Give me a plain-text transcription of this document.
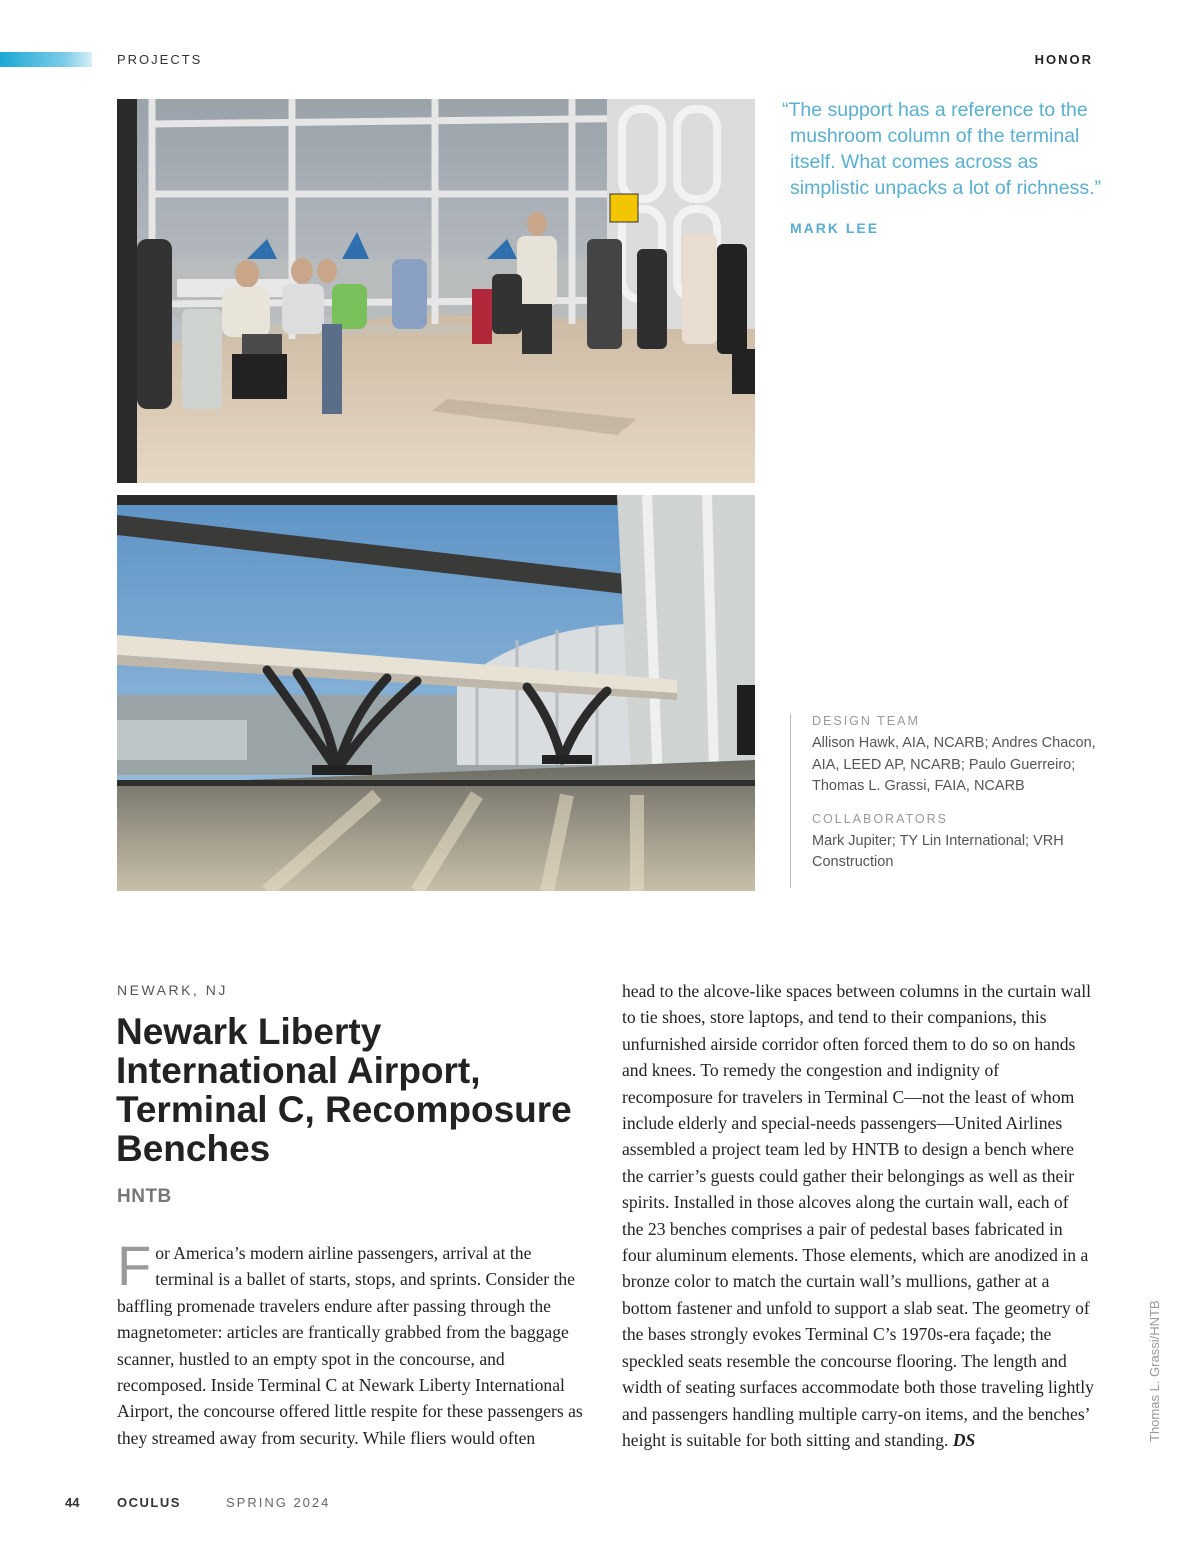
PROJECTS	HONOR

“The support has a reference to the mushroom column of the terminal itself. What comes across as simplistic unpacks a lot of richness.”

MARK LEE
DESIGN TEAM

Allison Hawk, AIA, NCARB; Andres Chacon, AIA, LEED AP, NCARB; Paulo Guerreiro; Thomas L. Grassi, FAIA, NCARB

COLLABORATORS

Mark Jupiter; TY Lin International; VRH Construction

NEWARK, NJ
Newark Liberty International Airport, Terminal C, Recomposure Benches
HNTB

For America’s modern airline passengers, arrival at the terminal is a ballet of starts, stops, and sprints. Consider the baffling promenade travelers endure after passing through the magnetometer: articles are frantically grabbed from the baggage scanner, hustled to an empty spot in the concourse, and recomposed. Inside Terminal C at Newark Liberty International Airport, the concourse offered little respite for these passengers as they streamed away from security. While fliers would often

head to the alcove-like spaces between columns in the curtain wall to tie shoes, store laptops, and tend to their companions, this unfurnished airside corridor often forced them to do so on hands and knees. To remedy the congestion and indignity of recomposure for travelers in Terminal C—not the least of whom include elderly and special-needs passengers—United Airlines assembled a project team led by HNTB to design a bench where the carrier’s guests could gather their belongings as well as their spirits. Installed in those alcoves along the curtain wall, each of the 23 benches comprises a pair of pedestal bases fabricated in four aluminum elements. Those elements, which are anodized in a bronze color to match the curtain wall’s mullions, gather at a bottom fastener and unfold to support a slab seat. The geometry of the bases strongly evokes Terminal C’s 1970s-era façade; the speckled seats resemble the concourse flooring. The length and width of seating surfaces accommodate both those traveling lightly and passengers handling multiple carry-on items, and the benches’ height is suitable for both sitting and standing. DS	Thomas L. Grassi/HNTB
44	OCULUS	SPRING 2024
